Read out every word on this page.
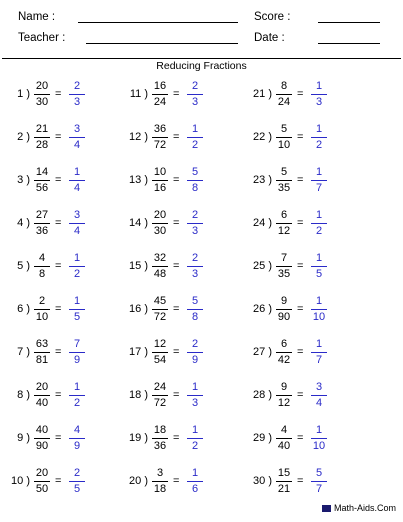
Name :
Teacher :
Score :
Date :
Reducing Fractions
1 )
20
30
=
2
3
2 )
21
28
=
3
4
3 )
14
56
=
1
4
4 )
27
36
=
3
4
5 )
4
8
=
1
2
6 )
2
10
=
1
5
7 )
63
81
=
7
9
8 )
20
40
=
1
2
9 )
40
90
=
4
9
10 )
20
50
=
2
5
11 )
16
24
=
2
3
12 )
36
72
=
1
2
13 )
10
16
=
5
8
14 )
20
30
=
2
3
15 )
32
48
=
2
3
16 )
45
72
=
5
8
17 )
12
54
=
2
9
18 )
24
72
=
1
3
19 )
18
36
=
1
2
20 )
3
18
=
1
6
21 )
8
24
=
1
3
22 )
5
10
=
1
2
23 )
5
35
=
1
7
24 )
6
12
=
1
2
25 )
7
35
=
1
5
26 )
9
90
=
1
10
27 )
6
42
=
1
7
28 )
9
12
=
3
4
29 )
4
40
=
1
10
30 )
15
21
=
5
7
Math-Aids.Com
